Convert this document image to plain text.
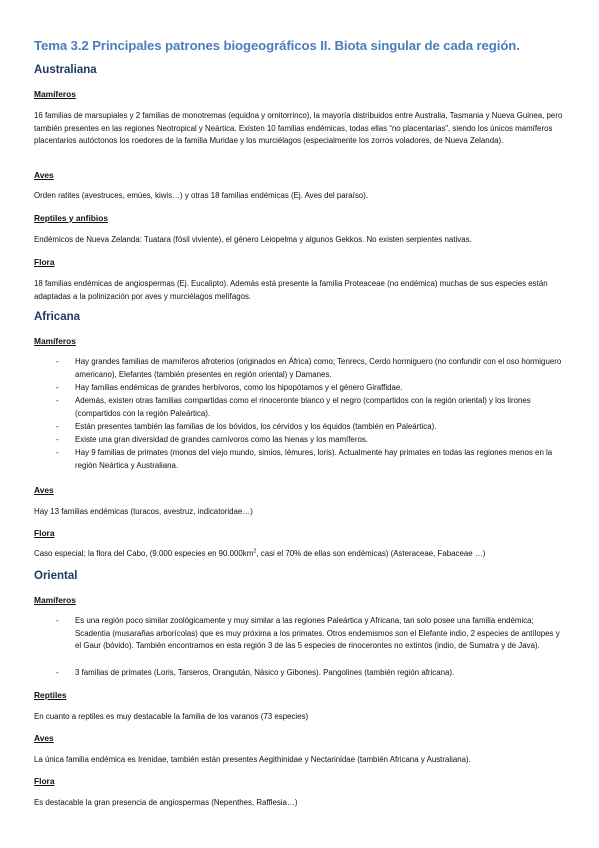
Tema 3.2 Principales patrones biogeográficos II. Biota singular de cada región.
Australiana
Mamíferos
16 familias de marsupiales y 2 familias de monotremas (equidna y ornitorrinco), la mayoría distribuidos entre Australia, Tasmania y Nueva Guinea, pero también presentes en las regiones Neotropical y Neártica. Existen 10 familias endémicas, todas ellas “no placentarias”, siendo los únicos mamíferos placentarios autóctonos los roedores de la familia Muridae y los murciélagos (especialmente los zorros voladores, de Nueva Zelanda).
Aves
Orden ratites (avestruces, emúes, kiwis…) y otras 18 familias endémicas (Ej. Aves del paraíso).
Reptiles y anfibios
Endémicos de Nueva Zelanda: Tuatara (fósil viviente), el género Leiopelma y algunos Gekkos. No existen serpientes nativas.
Flora
18 familias endémicas de angiospermas (Ej. Eucalipto). Además está presente la familia Proteaceae (no endémica) muchas de sus especies están adaptadas a la polinización por aves y murciélagos melífagos.
Africana
Mamíferos
- Hay grandes familias de mamíferos afroterios (originados en África) como; Tenrecs, Cerdo hormiguero (no confundir con el oso hormiguero americano), Elefantes (también presentes en región oriental) y Damanes.
- Hay familias endémicas de grandes herbívoros, como los hipopótamos y el género Giraffidae.
- Además, existen otras familias compartidas como el rinoceronte blanco y el negro (compartidos con la región oriental) y los lirones (compartidos con la región Paleártica).
- Están presentes también las familias de los bóvidos, los cérvidos y los équidos (también en Paleártica).
- Existe una gran diversidad de grandes carnívoros como las hienas y los mamíferos.
- Hay 9 familias de primates (monos del viejo mundo, simios, lémures, loris). Actualmente hay primates en todas las regiones menos en la región Neártica y Australiana.
Aves
Hay 13 familias endémicas (turacos, avestruz, indicatoridae…)
Flora
Caso especial; la flora del Cabo, (9.000 especies en $90.000km^2$, casi el 70% de ellas son endémicas) (Asteraceae, Fabaceae …)
Oriental
Mamíferos
- Es una región poco similar zoológicamente y muy similar a las regiones Paleártica y Africana, tan solo posee una familia endémica; Scadentia (musarañas arborícolas) que es muy próxima a los primates. Otros endemismos son el Elefante indio, 2 especies de antílopes y el Gaur (bóvido). También encontramos en esta región 3 de las 5 especies de rinocerontes no extintos (indio, de Sumatra y de Java).
- 3 familias de primates (Loris, Tarseros, Orangután, Násico y Gibones). Pangolines (también región africana).
Reptiles
En cuanto a reptiles es muy destacable la familia de los varanos (73 especies)
Aves
La única familia endémica es Irenidae, también están presentes Aegithinidae y Nectarinidae (también Africana y Australiana).
Flora
Es destacable la gran presencia de angiospermas (Nepenthes, Rafflesia…)
